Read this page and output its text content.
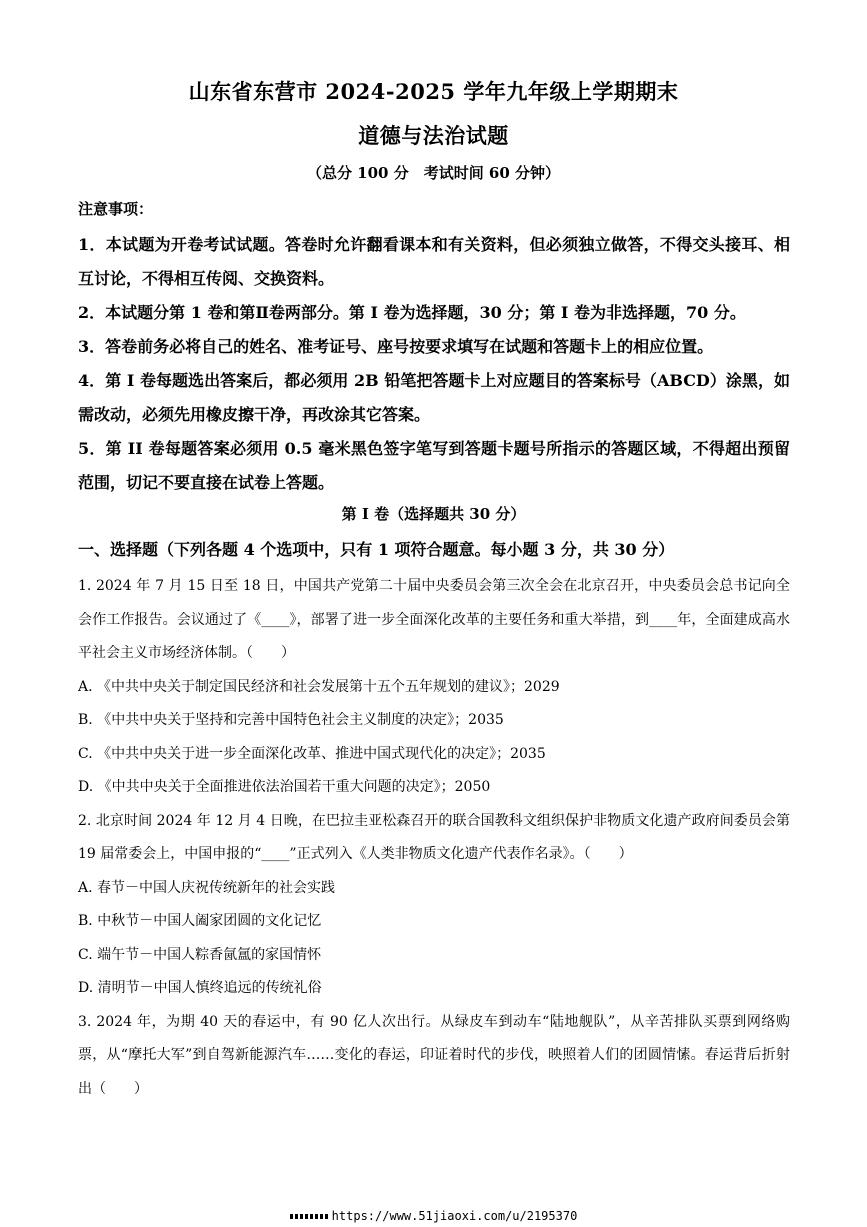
山东省东营市 2024-2025 学年九年级上学期期末
道德与法治试题
（总分 100 分　考试时间 60 分钟）
注意事项：

1．本试题为开卷考试试题。答卷时允许翻看课本和有关资料，但必须独立做答，不得交头接耳、相互讨论，不得相互传阅、交换资料。

2．本试题分第 1 卷和第Ⅱ卷两部分。第 I 卷为选择题，30 分；第 I 卷为非选择题，70 分。

3．答卷前务必将自己的姓名、准考证号、座号按要求填写在试题和答题卡上的相应位置。

4．第 I 卷每题选出答案后，都必须用 2B 铅笔把答题卡上对应题目的答案标号（ABCD）涂黑，如需改动，必须先用橡皮擦干净，再改涂其它答案。

5．第 II 卷每题答案必须用 0.5 毫米黑色签字笔写到答题卡题号所指示的答题区域，不得超出预留范围，切记不要直接在试卷上答题。

第 I 卷（选择题共 30 分）
一、选择题（下列各题 4 个选项中，只有 1 项符合题意。每小题 3 分，共 30 分）

1. 2024 年 7 月 15 日至 18 日，中国共产党第二十届中央委员会第三次全会在北京召开，中央委员会总书记向全会作工作报告。会议通过了《____》，部署了进一步全面深化改革的主要任务和重大举措，到____年，全面建成高水平社会主义市场经济体制。（　　）

A. 《中共中央关于制定国民经济和社会发展第十五个五年规划的建议》；2029

B. 《中共中央关于坚持和完善中国特色社会主义制度的决定》；2035

C. 《中共中央关于进一步全面深化改革、推进中国式现代化的决定》；2035

D. 《中共中央关于全面推进依法治国若干重大问题的决定》；2050

2. 北京时间 2024 年 12 月 4 日晚，在巴拉圭亚松森召开的联合国教科文组织保护非物质文化遗产政府间委员会第 19 届常委会上，中国申报的“____”正式列入《人类非物质文化遗产代表作名录》。（　　）

A. 春节－中国人庆祝传统新年的社会实践

B. 中秋节－中国人阖家团圆的文化记忆

C. 端午节－中国人粽香氤氲的家国情怀

D. 清明节－中国人慎终追远的传统礼俗

3. 2024 年，为期 40 天的春运中，有 90 亿人次出行。从绿皮车到动车“陆地舰队”，从辛苦排队买票到网络购票，从“摩托大军”到自驾新能源汽车……变化的春运，印证着时代的步伐，映照着人们的团圆情愫。春运背后折射出（　　）

https://www.51jiaoxi.com/u/2195370
